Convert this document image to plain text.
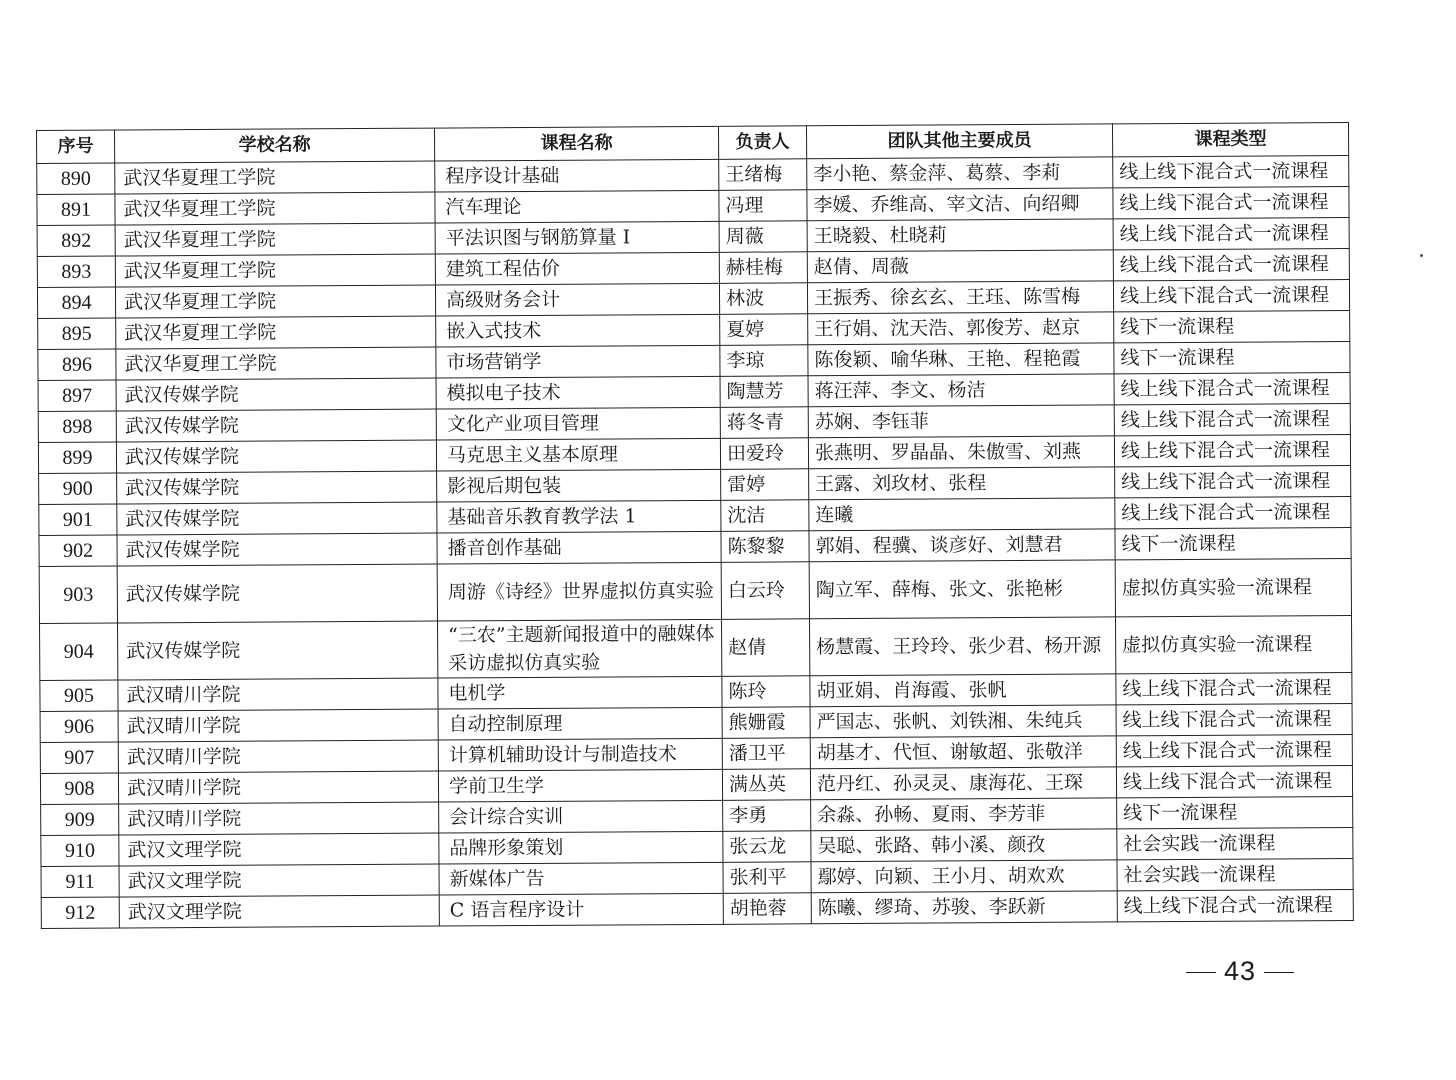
序号	学校名称	课程名称	负责人	团队其他主要成员	课程类型
890	武汉华夏理工学院	程序设计基础	王绪梅	李小艳、蔡金萍、葛蔡、李莉	线上线下混合式一流课程
891	武汉华夏理工学院	汽车理论	冯理	李媛、乔维高、宰文洁、向绍卿	线上线下混合式一流课程
892	武汉华夏理工学院	平法识图与钢筋算量 I	周薇	王晓毅、杜晓莉	线上线下混合式一流课程
893	武汉华夏理工学院	建筑工程估价	赫桂梅	赵倩、周薇	线上线下混合式一流课程
894	武汉华夏理工学院	高级财务会计	林波	王振秀、徐玄玄、王珏、陈雪梅	线上线下混合式一流课程
895	武汉华夏理工学院	嵌入式技术	夏婷	王行娟、沈天浩、郭俊芳、赵京	线下一流课程
896	武汉华夏理工学院	市场营销学	李琼	陈俊颖、喻华琳、王艳、程艳霞	线下一流课程
897	武汉传媒学院	模拟电子技术	陶慧芳	蒋汪萍、李文、杨洁	线上线下混合式一流课程
898	武汉传媒学院	文化产业项目管理	蒋冬青	苏娴、李钰菲	线上线下混合式一流课程
899	武汉传媒学院	马克思主义基本原理	田爱玲	张燕明、罗晶晶、朱傲雪、刘燕	线上线下混合式一流课程
900	武汉传媒学院	影视后期包装	雷婷	王露、刘玫材、张程	线上线下混合式一流课程
901	武汉传媒学院	基础音乐教育教学法 1	沈洁	连曦	线上线下混合式一流课程
902	武汉传媒学院	播音创作基础	陈黎黎	郭娟、程骥、谈彦好、刘慧君	线下一流课程
903	武汉传媒学院	周游《诗经》世界虚拟仿真实验	白云玲	陶立军、薛梅、张文、张艳彬	虚拟仿真实验一流课程
904	武汉传媒学院	“三农”主题新闻报道中的融媒体采访虚拟仿真实验	赵倩	杨慧霞、王玲玲、张少君、杨开源	虚拟仿真实验一流课程
905	武汉晴川学院	电机学	陈玲	胡亚娟、肖海霞、张帆	线上线下混合式一流课程
906	武汉晴川学院	自动控制原理	熊姗霞	严国志、张帆、刘铁湘、朱纯兵	线上线下混合式一流课程
907	武汉晴川学院	计算机辅助设计与制造技术	潘卫平	胡基才、代恒、谢敏超、张敬洋	线上线下混合式一流课程
908	武汉晴川学院	学前卫生学	满丛英	范丹红、孙灵灵、康海花、王琛	线上线下混合式一流课程
909	武汉晴川学院	会计综合实训	李勇	余淼、孙畅、夏雨、李芳菲	线下一流课程
910	武汉文理学院	品牌形象策划	张云龙	吴聪、张路、韩小溪、颜孜	社会实践一流课程
911	武汉文理学院	新媒体广告	张利平	鄢婷、向颖、王小月、胡欢欢	社会实践一流课程
912	武汉文理学院	C 语言程序设计	胡艳蓉	陈曦、缪琦、苏骏、李跃新	线上线下混合式一流课程
43
